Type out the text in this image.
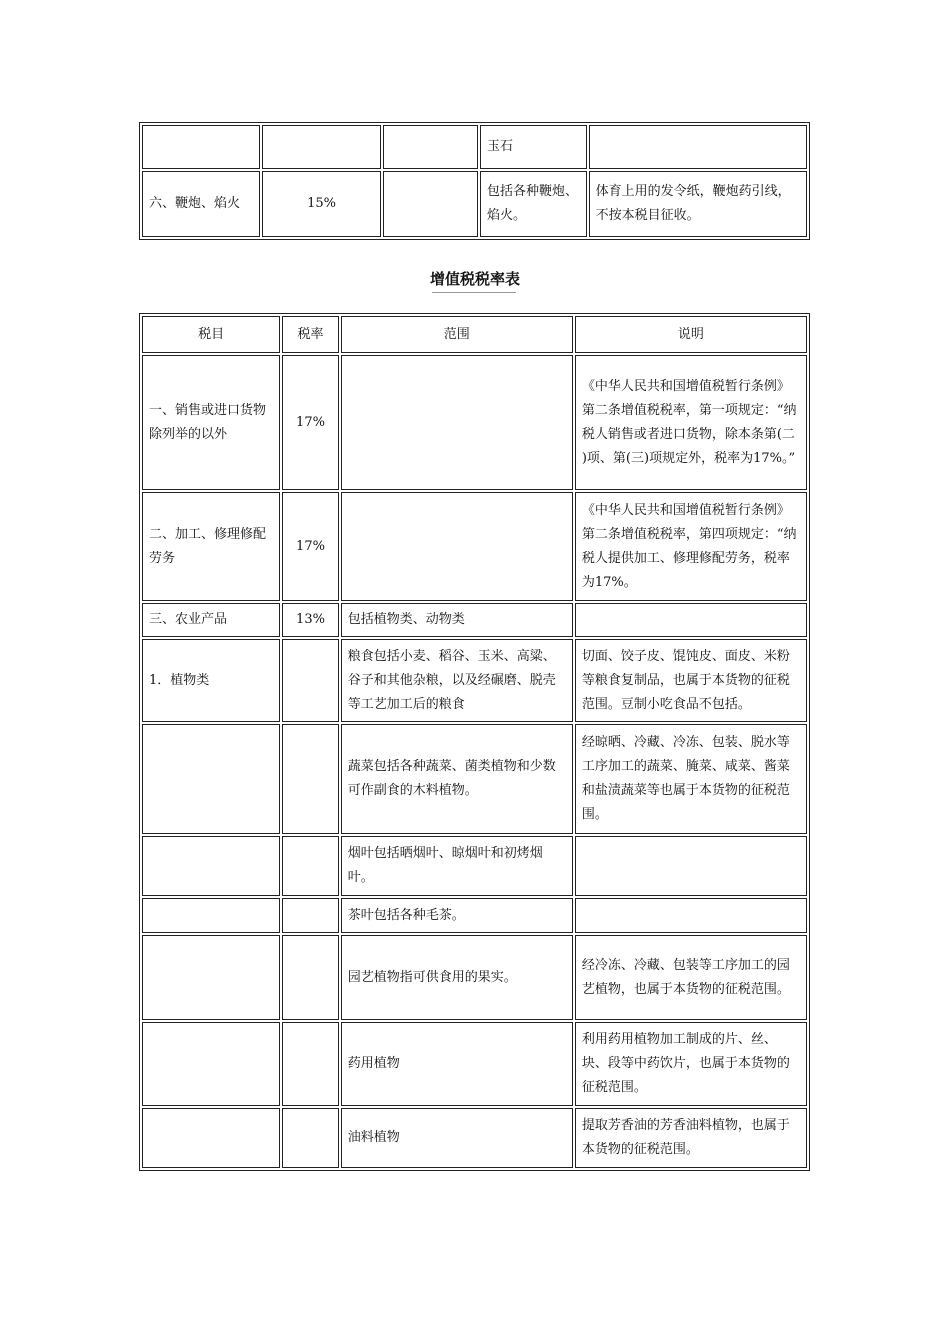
			玉石	
六、鞭炮、焰火	15%		包括各种鞭炮、焰火。	体育上用的发令纸，鞭炮药引线，不按本税目征收。
增值税税率表
税目	税率	范围	说明
一、销售或进口货物除列举的以外	17%		《中华人民共和国增值税暂行条例》第二条增值税税率，第一项规定：“纳税人销售或者进口货物，除本条第(二 )项、第(三)项规定外，税率为17%。”
二、加工、修理修配劳务	17%		《中华人民共和国增值税暂行条例》第二条增值税税率，第四项规定：“纳税人提供加工、修理修配劳务，税率为17%。
三、农业产品	13%	包括植物类、动物类	
1．植物类		粮食包括小麦、稻谷、玉米、高粱、谷子和其他杂粮，以及经碾磨、脱壳等工艺加工后的粮食	切面、饺子皮、馄饨皮、面皮、米粉等粮食复制品，也属于本货物的征税范围。豆制小吃食品不包括。
		蔬菜包括各种蔬菜、菌类植物和少数可作副食的木料植物。	经晾晒、冷藏、冷冻、包装、脱水等工序加工的蔬菜、腌菜、咸菜、酱菜和盐渍蔬菜等也属于本货物的征税范围。
		烟叶包括晒烟叶、晾烟叶和初烤烟叶。	
		茶叶包括各种毛茶。	
		园艺植物指可供食用的果实。	经冷冻、冷藏、包装等工序加工的园艺植物，也属于本货物的征税范围。
		药用植物	利用药用植物加工制成的片、丝、块、段等中药饮片，也属于本货物的征税范围。
		油料植物	提取芳香油的芳香油料植物，也属于本货物的征税范围。
